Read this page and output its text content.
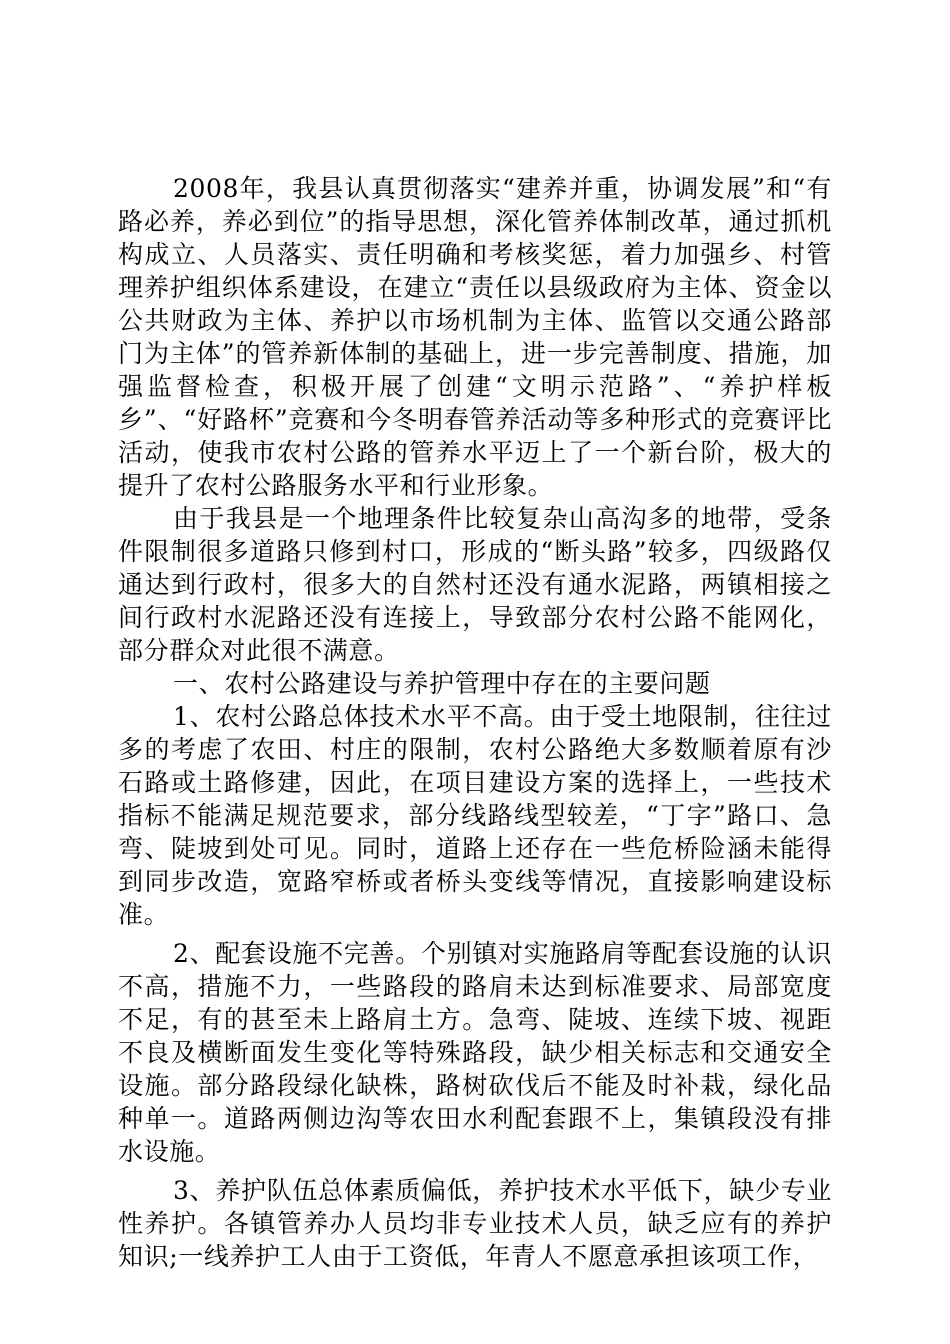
2008年，我县认真贯彻落实“建养并重，协调发展”和“有路必养，养必到位”的指导思想，深化管养体制改革，通过抓机构成立、人员落实、责任明确和考核奖惩，着力加强乡、村管理养护组织体系建设，在建立“责任以县级政府为主体、资金以公共财政为主体、养护以市场机制为主体、监管以交通公路部门为主体”的管养新体制的基础上，进一步完善制度、措施，加强监督检查，积极开展了创建“文明示范路”、“养护样板乡”、“好路杯”竞赛和今冬明春管养活动等多种形式的竞赛评比活动，使我市农村公路的管养水平迈上了一个新台阶，极大的提升了农村公路服务水平和行业形象。

由于我县是一个地理条件比较复杂山高沟多的地带，受条件限制很多道路只修到村口，形成的“断头路”较多，四级路仅通达到行政村，很多大的自然村还没有通水泥路，两镇相接之间行政村水泥路还没有连接上，导致部分农村公路不能网化，部分群众对此很不满意。

一、农村公路建设与养护管理中存在的主要问题

1、农村公路总体技术水平不高。由于受土地限制，往往过多的考虑了农田、村庄的限制，农村公路绝大多数顺着原有沙石路或土路修建，因此，在项目建设方案的选择上，一些技术指标不能满足规范要求，部分线路线型较差，“丁字”路口、急弯、陡坡到处可见。同时，道路上还存在一些危桥险涵未能得到同步改造，宽路窄桥或者桥头变线等情况，直接影响建设标准。

2、配套设施不完善。个别镇对实施路肩等配套设施的认识不高，措施不力，一些路段的路肩未达到标准要求、局部宽度不足，有的甚至未上路肩土方。急弯、陡坡、连续下坡、视距不良及横断面发生变化等特殊路段，缺少相关标志和交通安全设施。部分路段绿化缺株，路树砍伐后不能及时补栽，绿化品种单一。道路两侧边沟等农田水利配套跟不上，集镇段没有排水设施。

3、养护队伍总体素质偏低，养护技术水平低下，缺少专业性养护。各镇管养办人员均非专业技术人员，缺乏应有的养护知识;一线养护工人由于工资低，年青人不愿意承担该项工作，
